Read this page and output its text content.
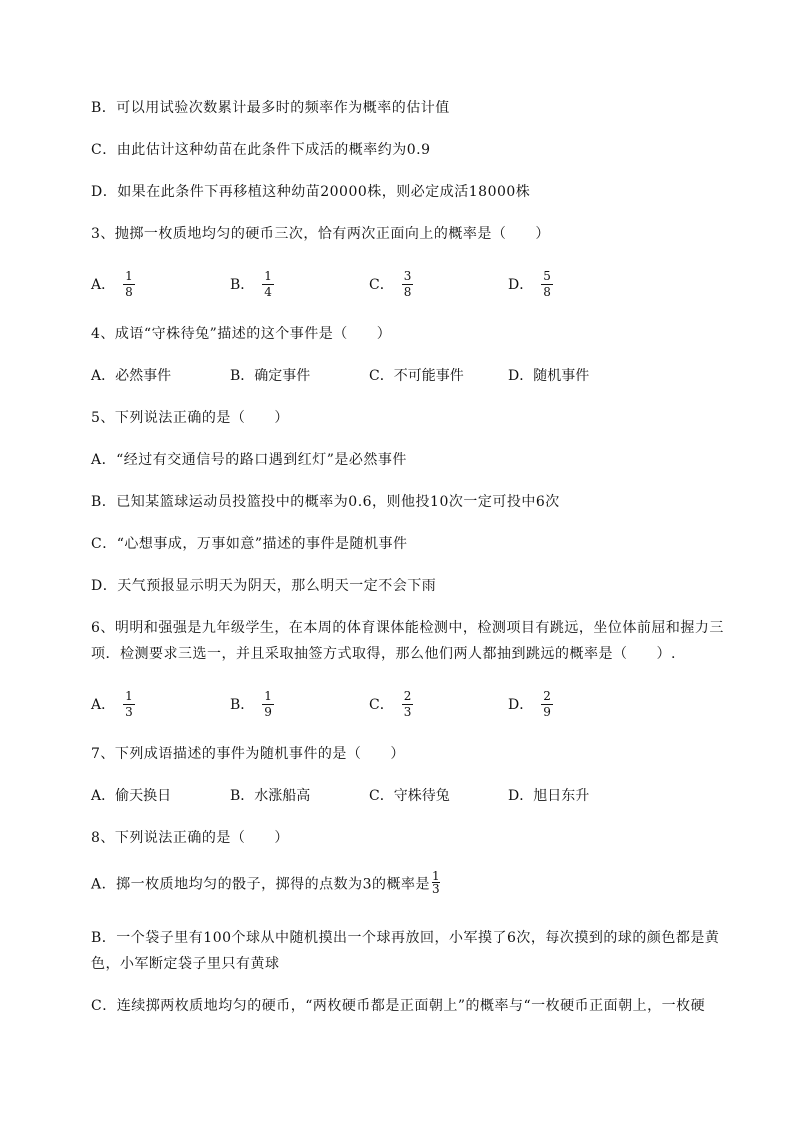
B．可以用试验次数累计最多时的频率作为概率的估计值
C．由此估计这种幼苗在此条件下成活的概率约为0.9
D．如果在此条件下再移植这种幼苗20000株，则必定成活18000株
3、抛掷一枚质地均匀的硬币三次，恰有两次正面向上的概率是（　　）
A． $\frac{1}{8}$	B． $\frac{1}{4}$	C． $\frac{3}{8}$	D． $\frac{5}{8}$
4、成语“守株待兔”描述的这个事件是（　　）
A．必然事件	B．确定事件	C．不可能事件	D．随机事件
5、下列说法正确的是（　　）
A．“经过有交通信号的路口遇到红灯”是必然事件
B．已知某篮球运动员投篮投中的概率为0.6，则他投10次一定可投中6次
C．“心想事成，万事如意”描述的事件是随机事件
D．天气预报显示明天为阴天，那么明天一定不会下雨
6、明明和强强是九年级学生，在本周的体育课体能检测中，检测项目有跳远，坐位体前屈和握力三
项．检测要求三选一，并且采取抽签方式取得，那么他们两人都抽到跳远的概率是（　　）.
A． $\frac{1}{3}$	B． $\frac{1}{9}$	C． $\frac{2}{3}$	D． $\frac{2}{9}$
7、下列成语描述的事件为随机事件的是（　　）
A．偷天换日	B．水涨船高	C．守株待兔	D．旭日东升
8、下列说法正确的是（　　）
A．掷一枚质地均匀的骰子，掷得的点数为3的概率是 $\frac{1}{3}$
B．一个袋子里有100个球从中随机摸出一个球再放回，小军摸了6次，每次摸到的球的颜色都是黄
色，小军断定袋子里只有黄球
C．连续掷两枚质地均匀的硬币，“两枚硬币都是正面朝上”的概率与“一枚硬币正面朝上，一枚硬
